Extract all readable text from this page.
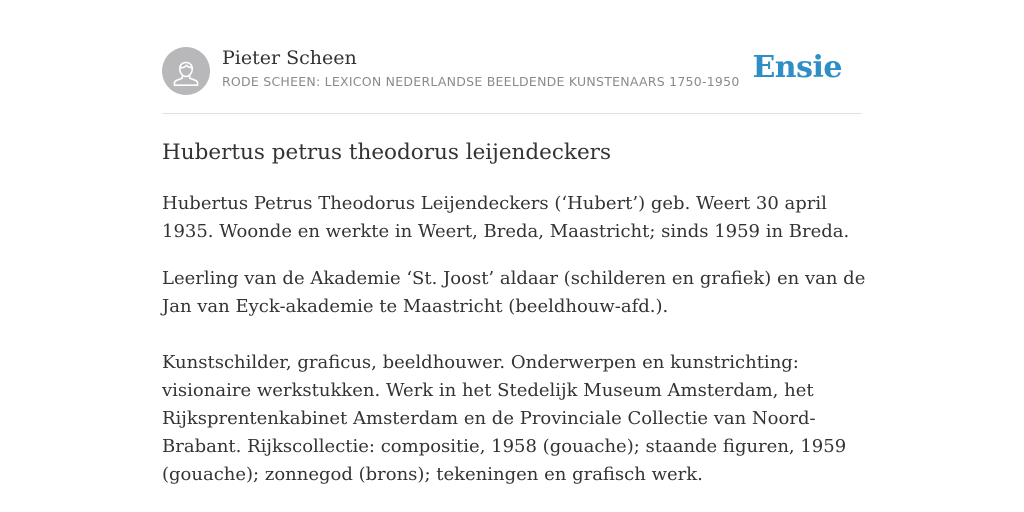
Pieter Scheen
RODE SCHEEN: LEXICON NEDERLANDSE BEELDENDE KUNSTENAARS 1750-1950 Ensie
Hubertus petrus theodorus leijendeckers

Hubertus Petrus Theodorus Leijendeckers (‘Hubert’) geb. Weert 30 april 1935. Woonde en werkte in Weert, Breda, Maastricht; sinds 1959 in Breda.

Leerling van de Akademie ‘St. Joost’ aldaar (schilderen en grafiek) en van de Jan van Eyck-akademie te Maastricht (beeldhouw-afd.).

Kunstschilder, graficus, beeldhouwer. Onderwerpen en kunstrichting: visionaire werkstukken. Werk in het Stedelijk Museum Amsterdam, het Rijksprentenkabinet Amsterdam en de Provinciale Collectie van Noord-Brabant. Rijkscollectie: compositie, 1958 (gouache); staande figuren, 1959 (gouache); zonnegod (brons); tekeningen en grafisch werk.
